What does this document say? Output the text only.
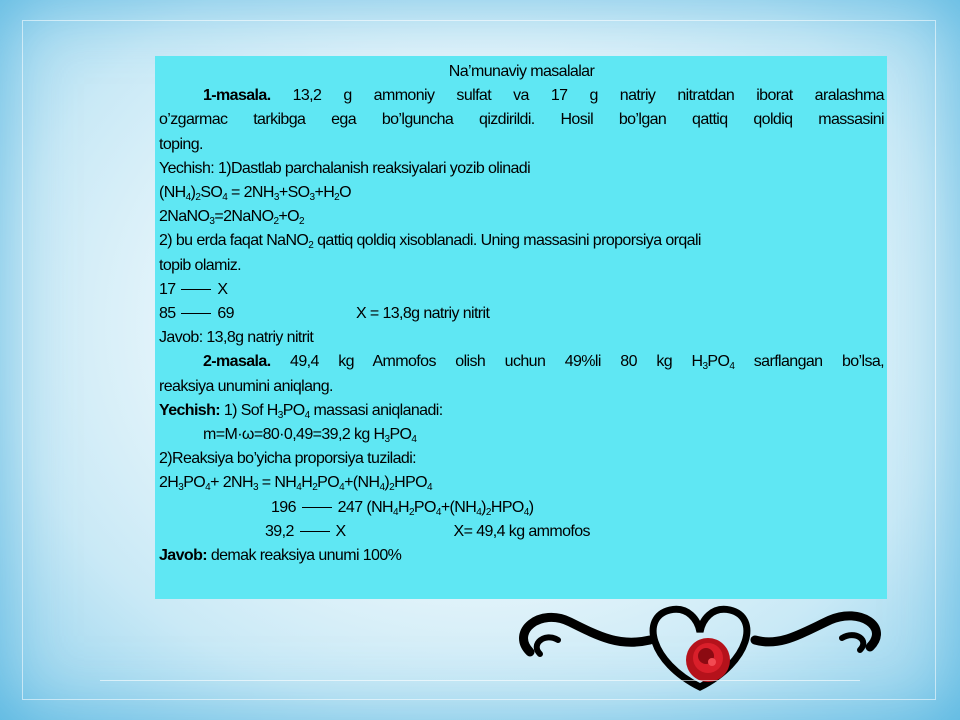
Na’munaviy masalalar
1-masala. 13,2 g ammoniy sulfat va 17 g natriy nitratdan iborat aralashma
o’zgarmac tarkibga ega bo’lguncha qizdirildi. Hosil bo’lgan qattiq qoldiq massasini
toping.
Yechish: 1)Dastlab parchalanish reaksiyalari yozib olinadi
$(NH_4)_2SO_4 = 2NH_3+SO_3+H_2O$
$2NaNO_3=2NaNO_2+O_2$
2) bu erda faqat NaNO$_2$ qattiq qoldiq xisoblanadi. Uning massasini proporsiya orqali
topib olamiz.
17	X
85	69	X = 13,8g natriy nitrit
Javob: 13,8g natriy nitrit
2-masala. 49,4 kg Ammofos olish uchun 49%li 80 kg $H_3PO_4$ sarflangan bo’lsa,
reaksiya unumini aniqlang.
Yechish: 1) Sof $H_3PO_4$ massasi aniqlanadi:
m=M·ω=80·0,49=39,2 kg $H_3PO_4$
2)Reaksiya bo’yicha proporsiya tuziladi:
$2H_3PO_4+ 2NH_3 = NH_4H_2PO_4+(NH_4)_2HPO_4$
196	247 $(NH_4H_2PO_4+(NH_4)_2HPO_4)$
39,2	X	X= 49,4 kg ammofos
Javob: demak reaksiya unumi 100%
